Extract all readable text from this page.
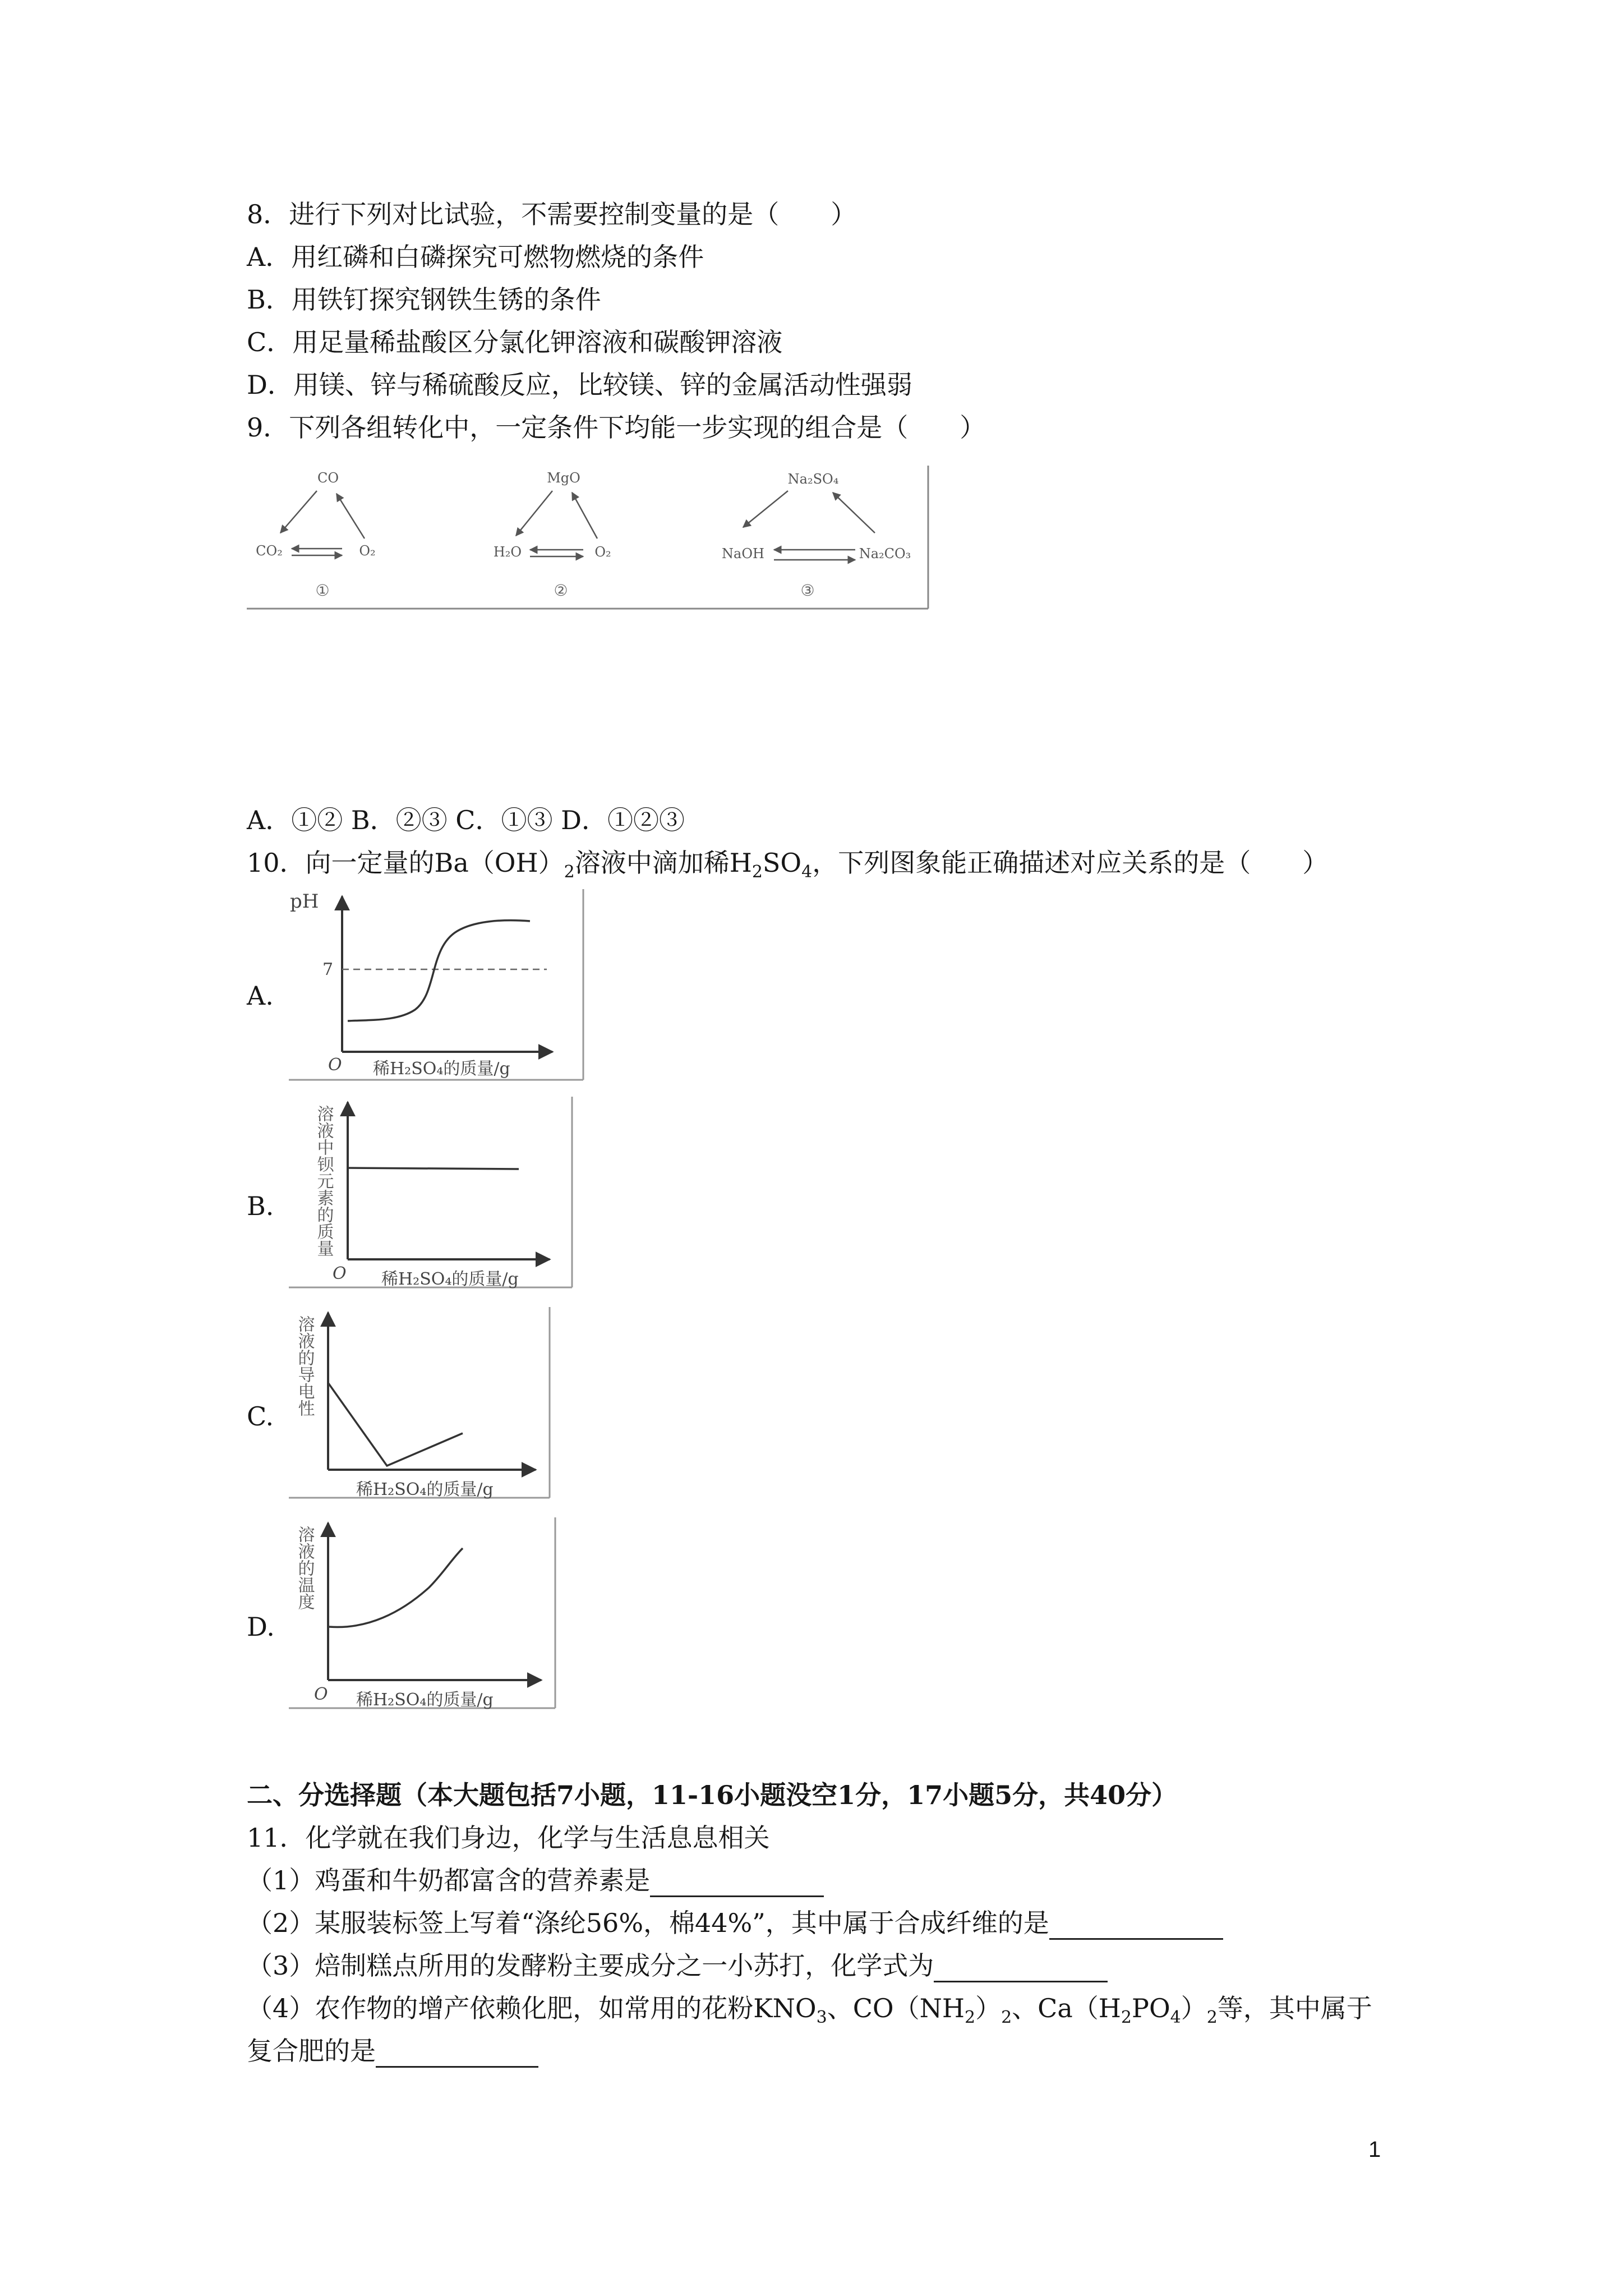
8．进行下列对比试验，不需要控制变量的是（　　）
A．用红磷和白磷探究可燃物燃烧的条件
B．用铁钉探究钢铁生锈的条件
C．用足量稀盐酸区分氯化钾溶液和碳酸钾溶液
D．用镁、锌与稀硫酸反应，比较镁、锌的金属活动性强弱
9．下列各组转化中，一定条件下均能一步实现的组合是（　　）
CO
CO₂	O₂
①
MgO
H₂O	O₂
②
Na₂SO₄
NaOH	Na₂CO₃
③
A．①② B．②③ C．①③ D．①②③
10．向一定量的$Ba(OH)_2$溶液中滴加稀$H_2SO_4$，下列图象能正确描述对应关系的是（　　）
A.
pH
7
O 稀H₂SO₄的质量/g
B. 溶液中钡元素的质量
O 稀H₂SO₄的质量/g
C. 溶液的导电性
稀H₂SO₄的质量/g
D.
溶液的温度
O 稀H₂SO₄的质量/g
二、分选择题（本大题包括7小题，11-16小题没空1分，17小题5分，共40分）
11．化学就在我们身边，化学与生活息息相关
（1）鸡蛋和牛奶都富含的营养素是
（2）某服装标签上写着“涤纶56%，棉44%”，其中属于合成纤维的是
（3）焙制糕点所用的发酵粉主要成分之一小苏打，化学式为
（4）农作物的增产依赖化肥，如常用的花粉$KNO_3$、$CO(NH_2)_2$、$Ca(H_2PO_4)_2$等，其中属于
复合肥的是
1
